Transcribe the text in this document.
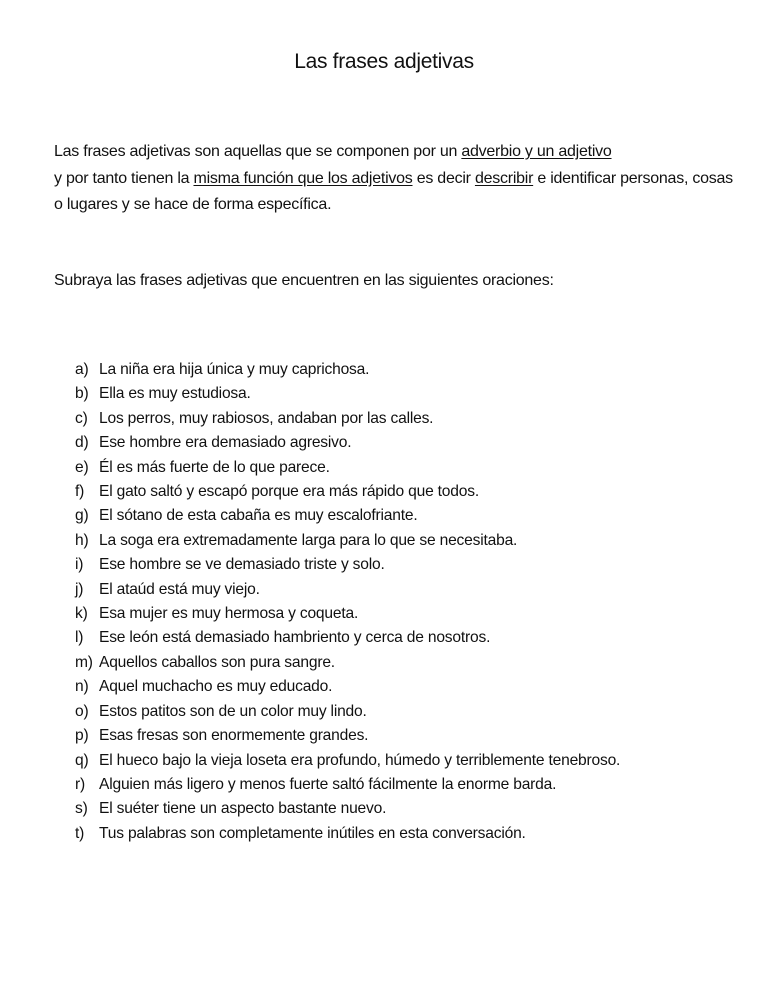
Las frases adjetivas
Las frases adjetivas son aquellas que se componen por un adverbio y un adjetivo
y por tanto tienen la misma función que los adjetivos es decir describir e identificar personas, cosas o lugares y se hace de forma específica.
Subraya las frases adjetivas que encuentren en las siguientes oraciones:
a) La niña era hija única y muy caprichosa.
b) Ella es muy estudiosa.
c) Los perros, muy rabiosos, andaban por las calles.
d) Ese hombre era demasiado agresivo.
e) Él es más fuerte de lo que parece.
f) El gato saltó y escapó porque era más rápido que todos.
g) El sótano de esta cabaña es muy escalofriante.
h) La soga era extremadamente larga para lo que se necesitaba.
i) Ese hombre se ve demasiado triste y solo.
j) El ataúd está muy viejo.
k) Esa mujer es muy hermosa y coqueta.
l) Ese león está demasiado hambriento y cerca de nosotros.
m) Aquellos caballos son pura sangre.
n) Aquel muchacho es muy educado.
o) Estos patitos son de un color muy lindo.
p) Esas fresas son enormemente grandes.
q) El hueco bajo la vieja loseta era profundo, húmedo y terriblemente tenebroso.
r) Alguien más ligero y menos fuerte saltó fácilmente la enorme barda.
s) El suéter tiene un aspecto bastante nuevo.
t) Tus palabras son completamente inútiles en esta conversación.
